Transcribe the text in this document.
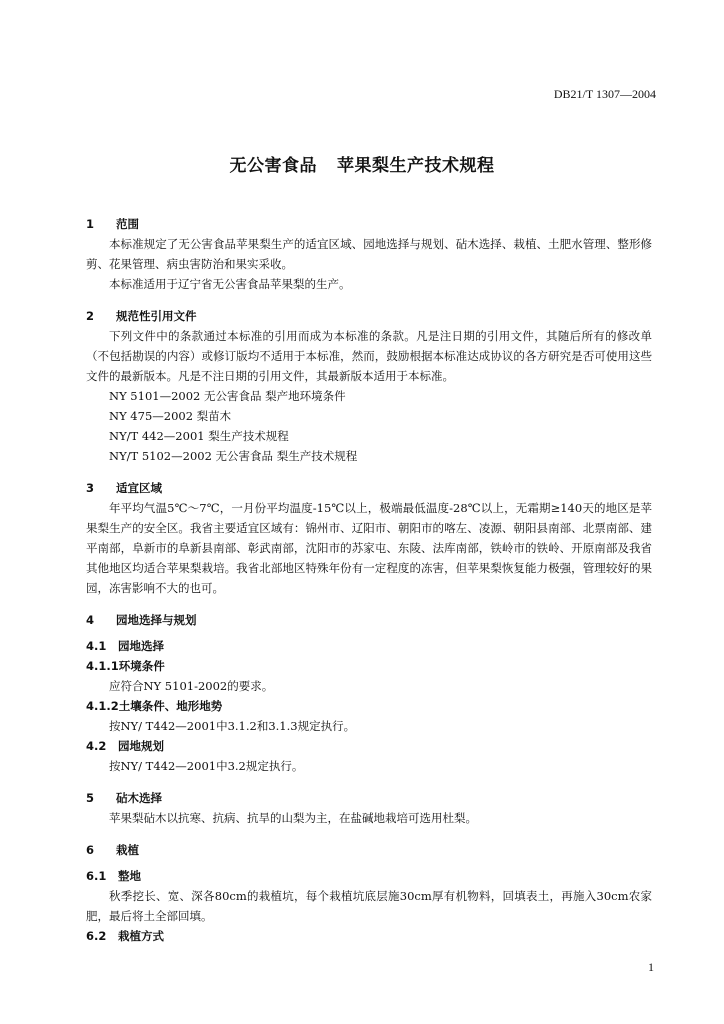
DB21/T 1307—2004
无公害食品 苹果梨生产技术规程
1 范围
本标准规定了无公害食品苹果梨生产的适宜区域、园地选择与规划、砧木选择、栽植、土肥水管理、整形修剪、花果管理、病虫害防治和果实采收。
本标准适用于辽宁省无公害食品苹果梨的生产。
2 规范性引用文件
下列文件中的条款通过本标准的引用而成为本标准的条款。凡是注日期的引用文件，其随后所有的修改单（不包括勘误的内容）或修订版均不适用于本标准，然而，鼓励根据本标准达成协议的各方研究是否可使用这些文件的最新版本。凡是不注日期的引用文件，其最新版本适用于本标准。
NY 5101—2002 无公害食品 梨产地环境条件
NY 475—2002 梨苗木
NY/T 442—2001 梨生产技术规程
NY/T 5102—2002 无公害食品 梨生产技术规程
3 适宜区域
年平均气温5℃～7℃，一月份平均温度-15℃以上，极端最低温度-28℃以上，无霜期≥140天的地区是苹果梨生产的安全区。我省主要适宜区域有：锦州市、辽阳市、朝阳市的喀左、凌源、朝阳县南部、北票南部、建平南部，阜新市的阜新县南部、彰武南部，沈阳市的苏家屯、东陵、法库南部，铁岭市的铁岭、开原南部及我省其他地区均适合苹果梨栽培。我省北部地区特殊年份有一定程度的冻害，但苹果梨恢复能力极强，管理较好的果园，冻害影响不大的也可。
4 园地选择与规划
4.1 园地选择
4.1.1环境条件
应符合NY 5101-2002的要求。
4.1.2土壤条件、地形地势
按NY/ T442—2001中3.1.2和3.1.3规定执行。
4.2 园地规划
按NY/ T442—2001中3.2规定执行。
5 砧木选择
苹果梨砧木以抗寒、抗病、抗旱的山梨为主，在盐碱地栽培可选用杜梨。
6 栽植
6.1 整地
秋季挖长、宽、深各80cm的栽植坑，每个栽植坑底层施30cm厚有机物料，回填表土，再施入30cm农家肥，最后将土全部回填。
6.2 栽植方式
1
